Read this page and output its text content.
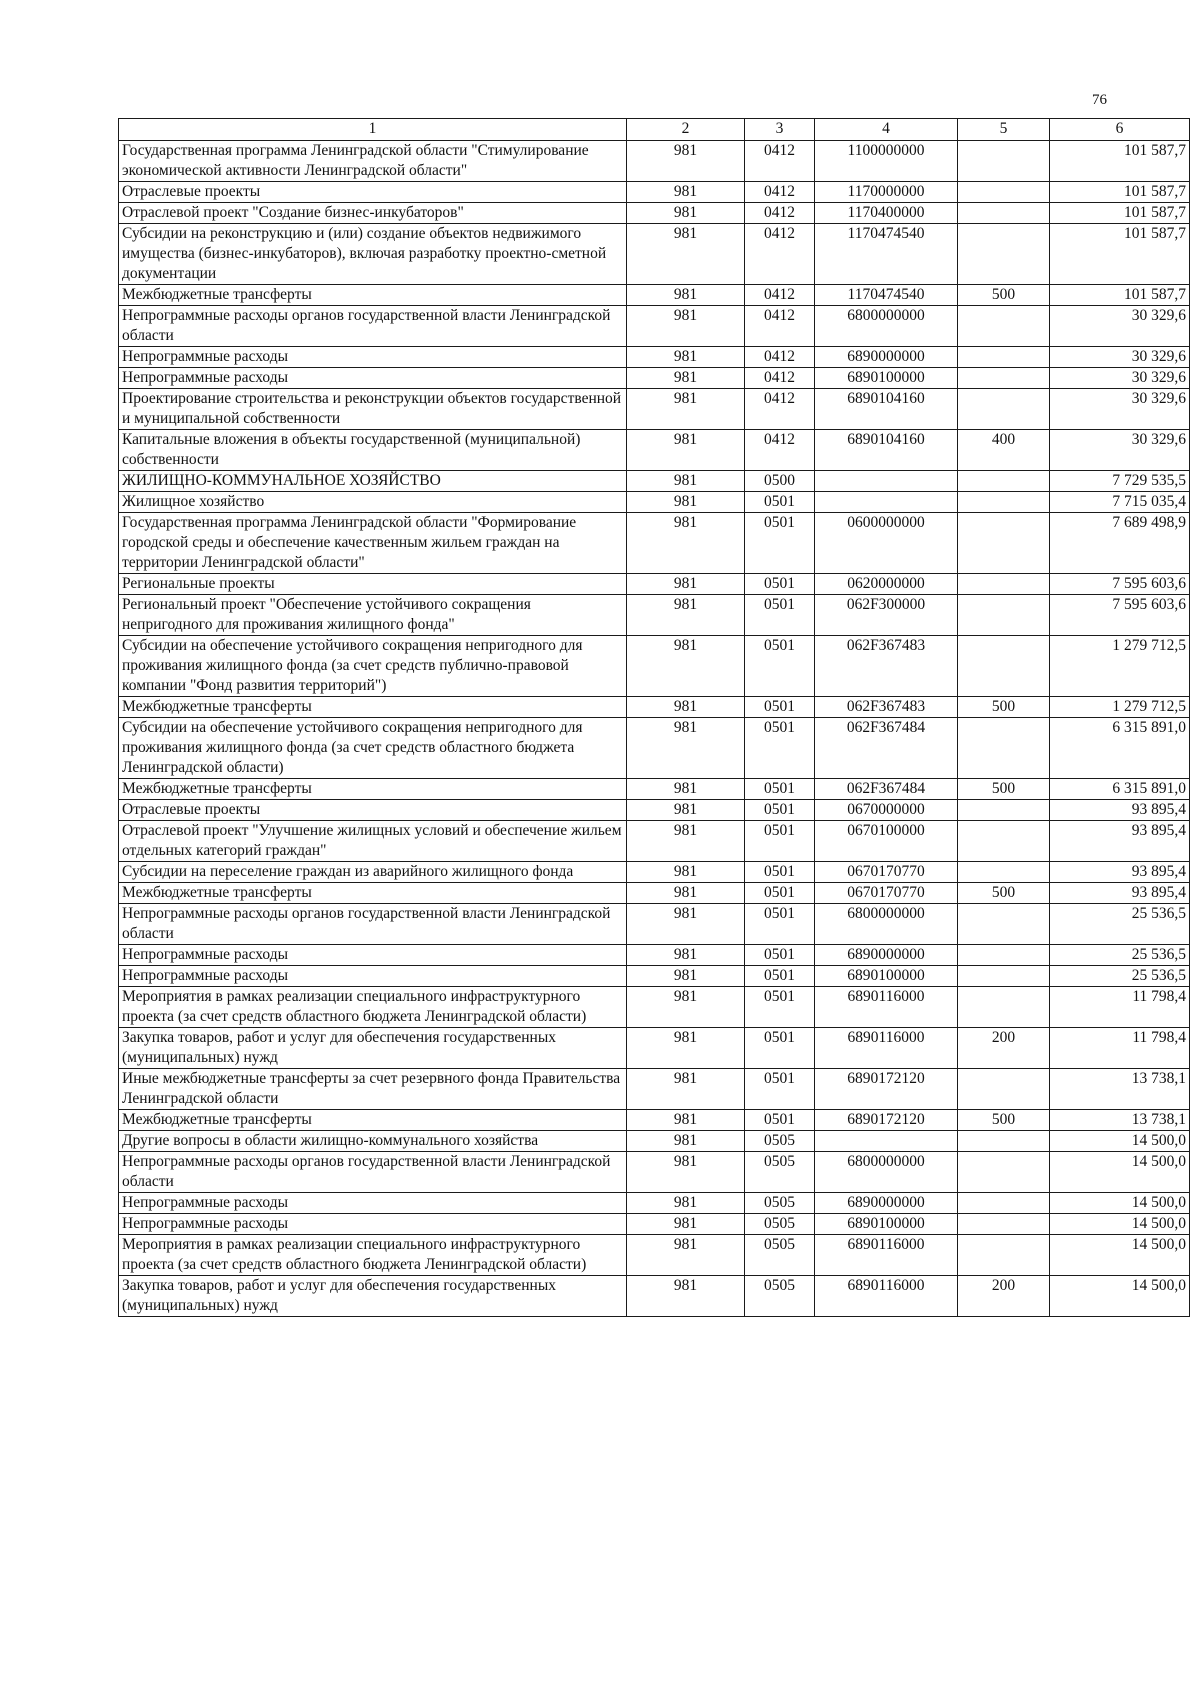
76
1	2	3	4	5	6
Государственная программа Ленинградской области "Стимулирование экономической активности Ленинградской области"	981	0412	1100000000		101 587,7
Отраслевые проекты	981	0412	1170000000		101 587,7
Отраслевой проект "Создание бизнес-инкубаторов"	981	0412	1170400000		101 587,7
Субсидии на реконструкцию и (или) создание объектов недвижимого имущества (бизнес-инкубаторов), включая разработку проектно-сметной документации	981	0412	1170474540		101 587,7
Межбюджетные трансферты	981	0412	1170474540	500	101 587,7
Непрограммные расходы органов государственной власти Ленинградской области	981	0412	6800000000		30 329,6
Непрограммные расходы	981	0412	6890000000		30 329,6
Непрограммные расходы	981	0412	6890100000		30 329,6
Проектирование строительства и реконструкции объектов государственной и муниципальной собственности	981	0412	6890104160		30 329,6
Капитальные вложения в объекты государственной (муниципальной) собственности	981	0412	6890104160	400	30 329,6
ЖИЛИЩНО-КОММУНАЛЬНОЕ ХОЗЯЙСТВО	981	0500			7 729 535,5
Жилищное хозяйство	981	0501			7 715 035,4
Государственная программа Ленинградской области "Формирование городской среды и обеспечение качественным жильем граждан на территории Ленинградской области"	981	0501	0600000000		7 689 498,9
Региональные проекты	981	0501	0620000000		7 595 603,6
Региональный проект "Обеспечение устойчивого сокращения непригодного для проживания жилищного фонда"	981	0501	062F300000		7 595 603,6
Субсидии на обеспечение устойчивого сокращения непригодного для проживания жилищного фонда (за счет средств публично-правовой компании "Фонд развития территорий")	981	0501	062F367483		1 279 712,5
Межбюджетные трансферты	981	0501	062F367483	500	1 279 712,5
Субсидии на обеспечение устойчивого сокращения непригодного для проживания жилищного фонда (за счет средств областного бюджета Ленинградской области)	981	0501	062F367484		6 315 891,0
Межбюджетные трансферты	981	0501	062F367484	500	6 315 891,0
Отраслевые проекты	981	0501	0670000000		93 895,4
Отраслевой проект "Улучшение жилищных условий и обеспечение жильем отдельных категорий граждан"	981	0501	0670100000		93 895,4
Субсидии на переселение граждан из аварийного жилищного фонда	981	0501	0670170770		93 895,4
Межбюджетные трансферты	981	0501	0670170770	500	93 895,4
Непрограммные расходы органов государственной власти Ленинградской области	981	0501	6800000000		25 536,5
Непрограммные расходы	981	0501	6890000000		25 536,5
Непрограммные расходы	981	0501	6890100000		25 536,5
Мероприятия в рамках реализации специального инфраструктурного проекта (за счет средств областного бюджета Ленинградской области)	981	0501	6890116000		11 798,4
Закупка товаров, работ и услуг для обеспечения государственных (муниципальных) нужд	981	0501	6890116000	200	11 798,4
Иные межбюджетные трансферты за счет резервного фонда Правительства Ленинградской области	981	0501	6890172120		13 738,1
Межбюджетные трансферты	981	0501	6890172120	500	13 738,1
Другие вопросы в области жилищно-коммунального хозяйства	981	0505			14 500,0
Непрограммные расходы органов государственной власти Ленинградской области	981	0505	6800000000		14 500,0
Непрограммные расходы	981	0505	6890000000		14 500,0
Непрограммные расходы	981	0505	6890100000		14 500,0
Мероприятия в рамках реализации специального инфраструктурного проекта (за счет средств областного бюджета Ленинградской области)	981	0505	6890116000		14 500,0
Закупка товаров, работ и услуг для обеспечения государственных (муниципальных) нужд	981	0505	6890116000	200	14 500,0
